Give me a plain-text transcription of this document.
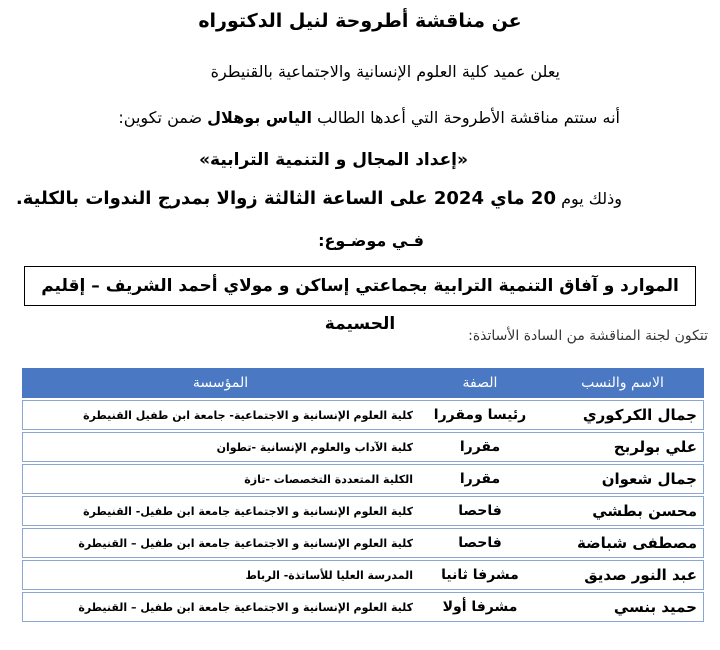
عن مناقشة أطروحة لنيل الدكتوراه
يعلن عميد كلية العلوم الإنسانية والاجتماعية بالقنيطرة
أنه ستتم مناقشة الأطروحة التي أعدها الطالب الياس بوهلال ضمن تكوين:
«إعداد المجال و التنمية الترابية»
وذلك يوم 20 ماي 2024 على الساعة الثالثة زوالا بمدرج الندوات بالكلية.
فـي موضـوع:
الموارد و آفاق التنمية الترابية بجماعتي إساكن و مولاي أحمد الشريف – إقليم الحسيمة
تتكون لجنة المناقشة من السادة الأساتذة:
الاسم والنسب	الصفة	المؤسسة
جمال الكركوري	رئيسا ومقررا	كلية العلوم الإنسانية و الاجتماعية- جامعة ابن طفيل القنيطرة
علي بولربح	مقررا	كلية الآداب والعلوم الإنسانية -تطوان
جمال شعوان	مقررا	الكلية المتعددة التخصصات -تازة
محسن بطشي	فاحصا	كلية العلوم الإنسانية و الاجتماعية جامعة ابن طفيل- القنيطرة
مصطفى شباضة	فاحصا	كلية العلوم الإنسانية و الاجتماعية جامعة ابن طفيل – القنيطرة
عبد النور صديق	مشرفا ثانيا	المدرسة العليا للأساتذة- الرباط
حميد بنسي	مشرفا أولا	كلية العلوم الإنسانية و الاجتماعية جامعة ابن طفيل – القنيطرة
